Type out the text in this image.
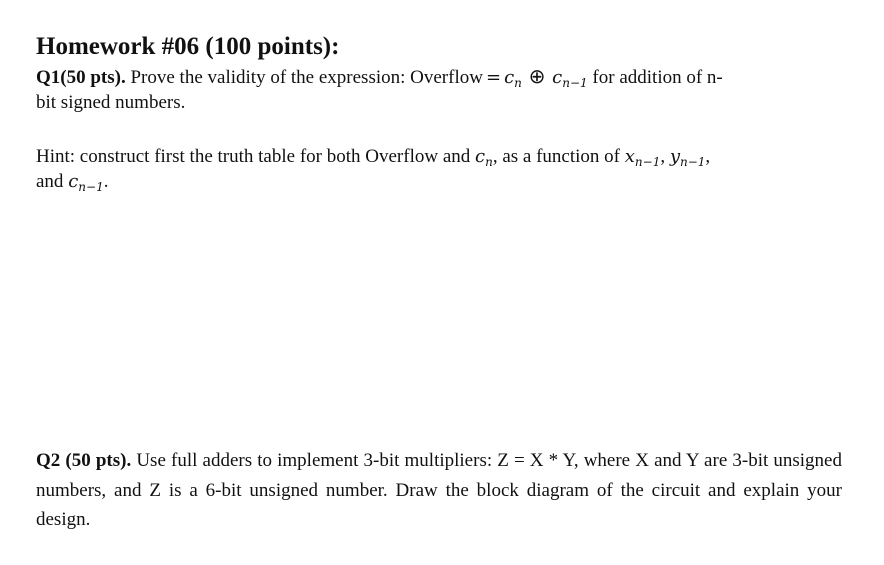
Homework #06 (100 points):

Q1(50 pts). Prove the validity of the expression: Overflow = $c_n$ ⊕ $c_{n-1}$ for addition of n-
bit signed numbers.

Hint: construct first the truth table for both Overflow and $c_n$, as a function of $x_{n-1}$, $y_{n-1}$,
and $c_{n-1}$.

Q2 (50 pts). Use full adders to implement 3-bit multipliers: Z = X * Y, where X and Y are 3-bit unsigned numbers, and Z is a 6-bit unsigned number. Draw the block diagram of the circuit and explain your design.
